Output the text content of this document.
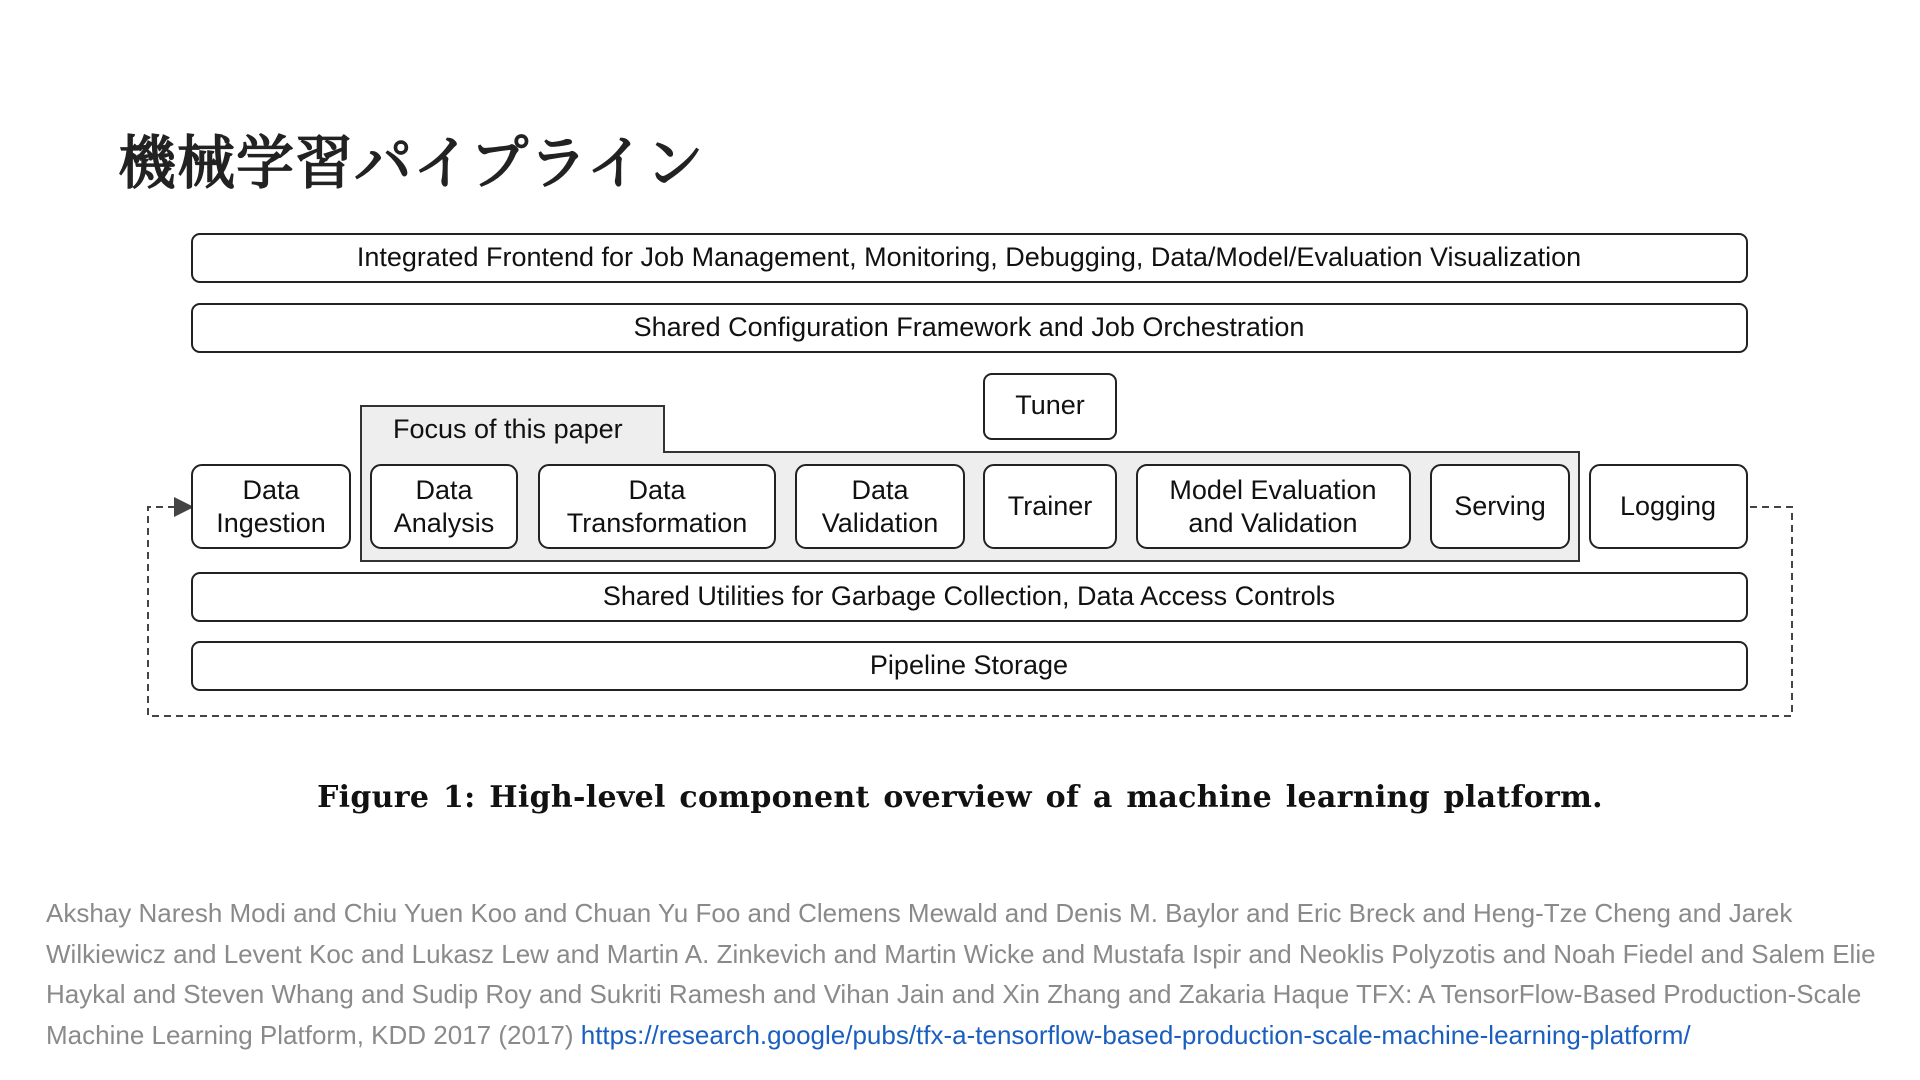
機械学習パイプライン
Integrated Frontend for Job Management, Monitoring, Debugging, Data/Model/Evaluation Visualization
Shared Configuration Framework and Job Orchestration
Focus of this paper
Tuner
Data
Ingestion
Data
Analysis
Data
Transformation
Data
Validation
Trainer
Model Evaluation
and Validation
Serving	Logging
Shared Utilities for Garbage Collection, Data Access Controls
Pipeline Storage

Figure 1: High-level component overview of a machine learning platform.

Akshay Naresh Modi and Chiu Yuen Koo and Chuan Yu Foo and Clemens Mewald and Denis M. Baylor and Eric Breck and Heng-Tze Cheng and Jarek Wilkiewicz and Levent Koc and Lukasz Lew and Martin A. Zinkevich and Martin Wicke and Mustafa Ispir and Neoklis Polyzotis and Noah Fiedel and Salem Elie Haykal and Steven Whang and Sudip Roy and Sukriti Ramesh and Vihan Jain and Xin Zhang and Zakaria Haque TFX: A TensorFlow-Based Production-Scale Machine Learning Platform, KDD 2017 (2017) https://research.google/pubs/tfx-a-tensorflow-based-production-scale-machine-learning-platform/
